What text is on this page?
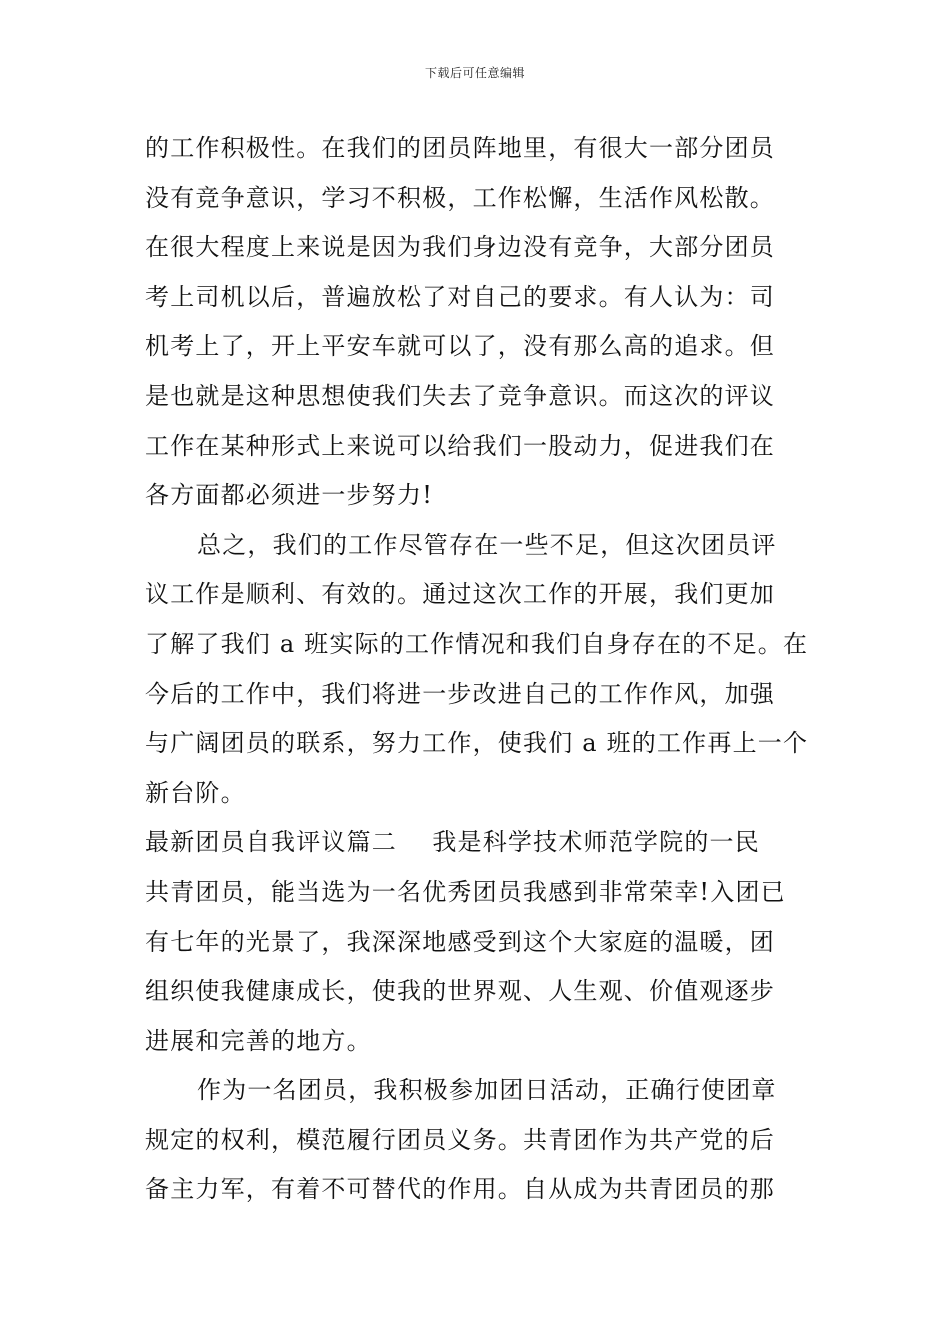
下载后可任意编辑
的工作积极性。在我们的团员阵地里，有很大一部分团员
没有竞争意识，学习不积极，工作松懈，生活作风松散。
在很大程度上来说是因为我们身边没有竞争，大部分团员
考上司机以后，普遍放松了对自己的要求。有人认为：司
机考上了，开上平安车就可以了，没有那么高的追求。但
是也就是这种思想使我们失去了竞争意识。而这次的评议
工作在某种形式上来说可以给我们一股动力，促进我们在
各方面都必须进一步努力!
总之，我们的工作尽管存在一些不足，但这次团员评
议工作是顺利、有效的。通过这次工作的开展，我们更加
了解了我们 a 班实际的工作情况和我们自身存在的不足。在
今后的工作中，我们将进一步改进自己的工作作风，加强
与广阔团员的联系，努力工作，使我们 a 班的工作再上一个
新台阶。
最新团员自我评议篇二    我是科学技术师范学院的一民
共青团员，能当选为一名优秀团员我感到非常荣幸!入团已
有七年的光景了，我深深地感受到这个大家庭的温暖，团
组织使我健康成长，使我的世界观、人生观、价值观逐步
进展和完善的地方。
作为一名团员，我积极参加团日活动，正确行使团章
规定的权利，模范履行团员义务。共青团作为共产党的后
备主力军，有着不可替代的作用。自从成为共青团员的那
